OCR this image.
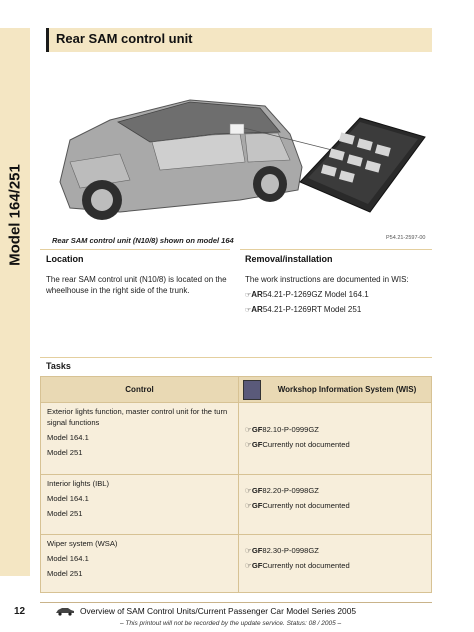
Model 164/251
Rear SAM control unit
Rear SAM control unit (N10/8) shown on model 164	P54.21-2597-00
Location
The rear SAM control unit (N10/8) is located on the wheelhouse in the right side of the trunk.
Removal/installation
The work instructions are documented in WIS:
☞AR54.21-P-1269GZ Model 164.1
☞AR54.21-P-1269RT Model 251
Tasks
Control	Workshop Information System (WIS)

Exterior lights function, master control unit for the turn signal functions
Model 164.1
Model 251	☞GF82.10-P-0999GZ
☞GFCurrently not documented

Interior lights (IBL)
Model 164.1
Model 251	☞GF82.20-P-0998GZ
☞GFCurrently not documented

Wiper system (WSA)
Model 164.1
Model 251	☞GF82.30-P-0998GZ
☞GFCurrently not documented
12	Overview of SAM Control Units/Current Passenger Car Model Series 2005
– This printout will not be recorded by the update service. Status: 08 / 2005 –
